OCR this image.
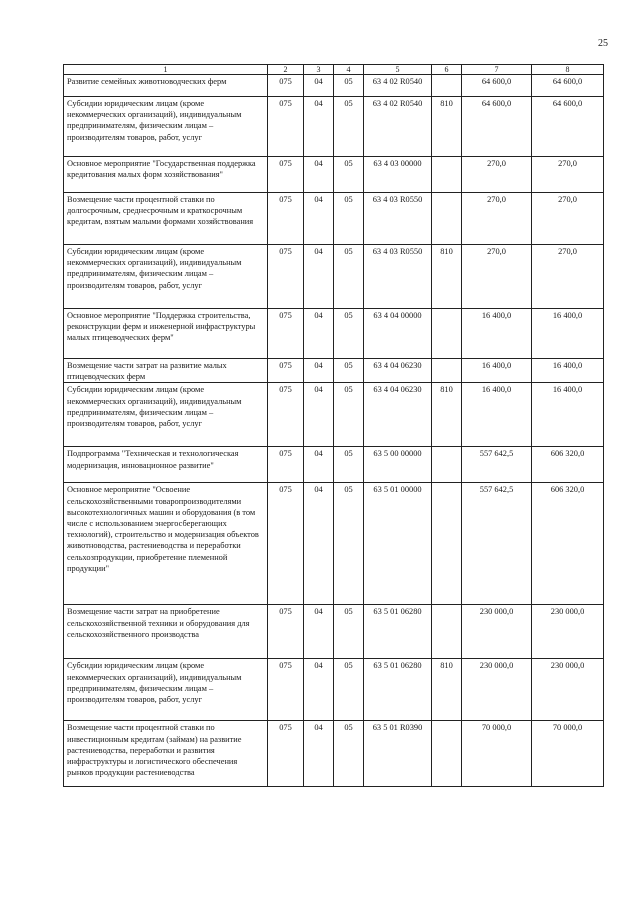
25
1	2	3	4	5	6	7	8
Развитие семейных животноводческих ферм	075	04	05	63 4 02 R0540		64 600,0	64 600,0
Субсидии юридическим лицам (кроме некоммерческих организаций), индивидуальным предпринимателям, физическим лицам – производителям товаров, работ, услуг	075	04	05	63 4 02 R0540	810	64 600,0	64 600,0
Основное мероприятие "Государственная поддержка кредитования малых форм хозяйствования"	075	04	05	63 4 03 00000		270,0	270,0
Возмещение части процентной ставки по долгосрочным, среднесрочным и краткосрочным кредитам, взятым малыми формами хозяйствования	075	04	05	63 4 03 R0550		270,0	270,0
Субсидии юридическим лицам (кроме некоммерческих организаций), индивидуальным предпринимателям, физическим лицам – производителям товаров, работ, услуг	075	04	05	63 4 03 R0550	810	270,0	270,0
Основное мероприятие "Поддержка строительства, реконструкции ферм и инженерной инфраструктуры малых птицеводческих ферм"	075	04	05	63 4 04 00000		16 400,0	16 400,0
Возмещение части затрат на развитие малых птицеводческих ферм	075	04	05	63 4 04 06230		16 400,0	16 400,0
Субсидии юридическим лицам (кроме некоммерческих организаций), индивидуальным предпринимателям, физическим лицам – производителям товаров, работ, услуг	075	04	05	63 4 04 06230	810	16 400,0	16 400,0
Подпрограмма "Техническая и технологическая модернизация, инновационное развитие"	075	04	05	63 5 00 00000		557 642,5	606 320,0
Основное мероприятие "Освоение сельскохозяйственными товаропроизводителями высокотехнологичных машин и оборудования (в том числе с использованием энергосберегающих технологий), строительство и модернизация объектов животноводства, растениеводства и переработки сельхозпродукции, приобретение племенной продукции"	075	04	05	63 5 01 00000		557 642,5	606 320,0
Возмещение части затрат на приобретение сельскохозяйственной техники и оборудования для сельскохозяйственного производства	075	04	05	63 5 01 06280		230 000,0	230 000,0
Субсидии юридическим лицам (кроме некоммерческих организаций), индивидуальным предпринимателям, физическим лицам – производителям товаров, работ, услуг	075	04	05	63 5 01 06280	810	230 000,0	230 000,0
Возмещение части процентной ставки по инвестиционным кредитам (займам) на развитие растениеводства, переработки и развития инфраструктуры и логистического обеспечения рынков продукции растениеводства	075	04	05	63 5 01 R0390		70 000,0	70 000,0
